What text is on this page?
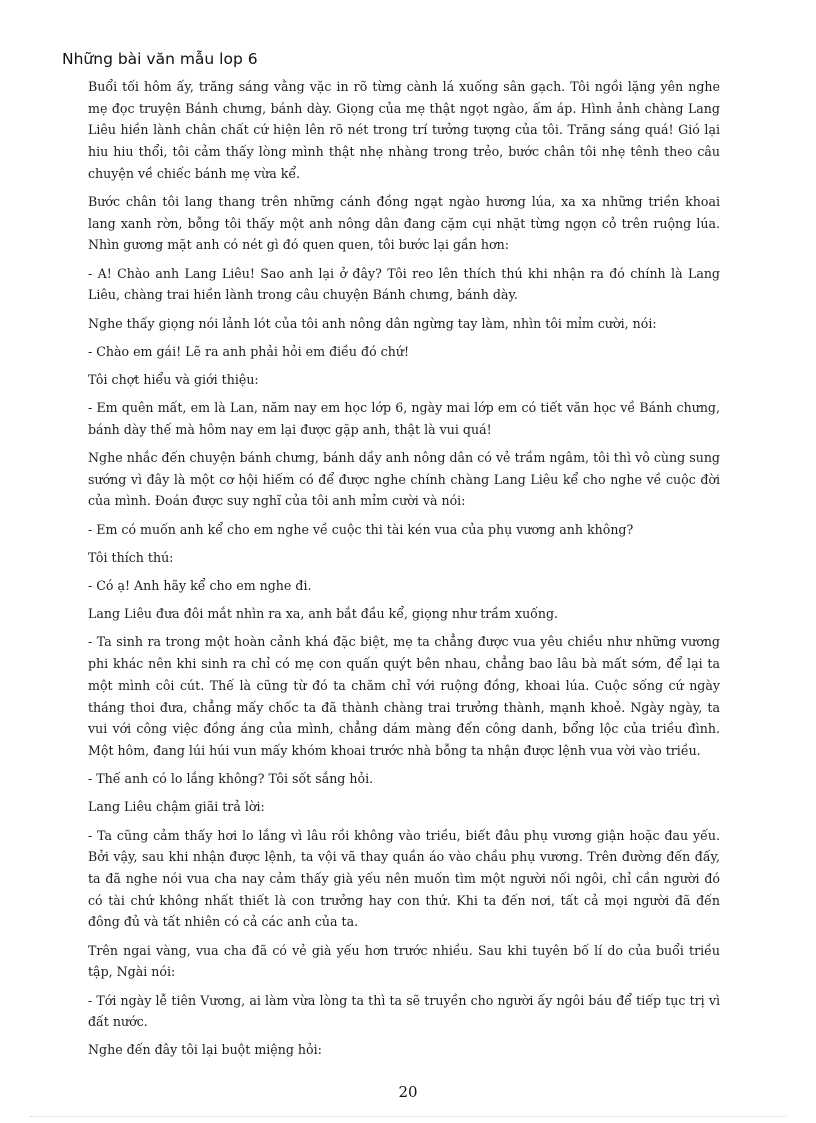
Những bài văn mẫu lop 6

Buổi tối hôm ấy, trăng sáng vằng vặc in rõ từng cành lá xuống sân gạch. Tôi ngồi lặng yên nghe mẹ đọc truyện Bánh chưng, bánh dày. Giọng của mẹ thật ngọt ngào, ấm áp. Hình ảnh chàng Lang Liêu hiền lành chân chất cứ hiện lên rõ nét trong trí tưởng tượng của tôi. Trăng sáng quá! Gió lại hiu hiu thổi, tôi cảm thấy lòng mình thật nhẹ nhàng trong trẻo, bước chân tôi nhẹ tênh theo câu chuyện về chiếc bánh mẹ vừa kể.

Bước chân tôi lang thang trên những cánh đồng ngạt ngào hương lúa, xa xa những triền khoai lang xanh rờn, bỗng tôi thấy một anh nông dân đang cặm cụi nhặt từng ngọn cỏ trên ruộng lúa. Nhìn gương mặt anh có nét gì đó quen quen, tôi bước lại gần hơn:

- A! Chào anh Lang Liêu! Sao anh lại ở đây? Tôi reo lên thích thú khi nhận ra đó chính là Lang Liêu, chàng trai hiền lành trong câu chuyện Bánh chưng, bánh dày.

Nghe thấy giọng nói lảnh lót của tôi anh nông dân ngừng tay làm, nhìn tôi mỉm cười, nói:

- Chào em gái! Lẽ ra anh phải hỏi em điều đó chứ!

Tôi chợt hiểu và giới thiệu:

- Em quên mất, em là Lan, năm nay em học lớp 6, ngày mai lớp em có tiết văn học về Bánh chưng, bánh dày thế mà hôm nay em lại được gặp anh, thật là vui quá!

Nghe nhắc đến chuyện bánh chưng, bánh dầy anh nông dân có vẻ trầm ngâm, tôi thì vô cùng sung sướng vì đây là một cơ hội hiếm có để được nghe chính chàng Lang Liêu kể cho nghe về cuộc đời của mình. Đoán được suy nghĩ của tôi anh mỉm cười và nói:

- Em có muốn anh kể cho em nghe về cuộc thi tài kén vua của phụ vương anh không?

Tôi thích thú:

- Có ạ! Anh hãy kể cho em nghe đi.

Lang Liêu đưa đôi mắt nhìn ra xa, anh bắt đầu kể, giọng như trầm xuống.

- Ta sinh ra trong một hoàn cảnh khá đặc biệt, mẹ ta chẳng được vua yêu chiều như những vương phi khác nên khi sinh ra chỉ có mẹ con quấn quýt bên nhau, chẳng bao lâu bà mất sớm, để lại ta một mình côi cút. Thế là cũng từ đó ta chăm chỉ với ruộng đồng, khoai lúa. Cuộc sống cứ ngày tháng thoi đưa, chẳng mấy chốc ta đã thành chàng trai trưởng thành, mạnh khoẻ. Ngày ngày, ta vui với công việc đồng áng của mình, chẳng dám màng đến công danh, bổng lộc của triều đình. Một hôm, đang lúi húi vun mấy khóm khoai trước nhà bỗng ta nhận được lệnh vua vời vào triều.

- Thế anh có lo lắng không? Tôi sốt sắng hỏi.

Lang Liêu chậm giãi trả lời:

- Ta cũng cảm thấy hơi lo lắng vì lâu rồi không vào triều, biết đâu phụ vương giận hoặc đau yếu. Bởi vậy, sau khi nhận được lệnh, ta vội vã thay quần áo vào chầu phụ vương. Trên đường đến đấy, ta đã nghe nói vua cha nay cảm thấy già yếu nên muốn tìm một người nối ngôi, chỉ cần người đó có tài chứ không nhất thiết là con trưởng hay con thứ. Khi ta đến nơi, tất cả mọi người đã đến đông đủ và tất nhiên có cả các anh của ta.

Trên ngai vàng, vua cha đã có vẻ già yếu hơn trước nhiều. Sau khi tuyên bố lí do của buổi triều tập, Ngài nói:

- Tới ngày lễ tiên Vương, ai làm vừa lòng ta thì ta sẽ truyền cho người ấy ngôi báu để tiếp tục trị vì đất nước.

Nghe đến đây tôi lại buột miệng hỏi:

20
